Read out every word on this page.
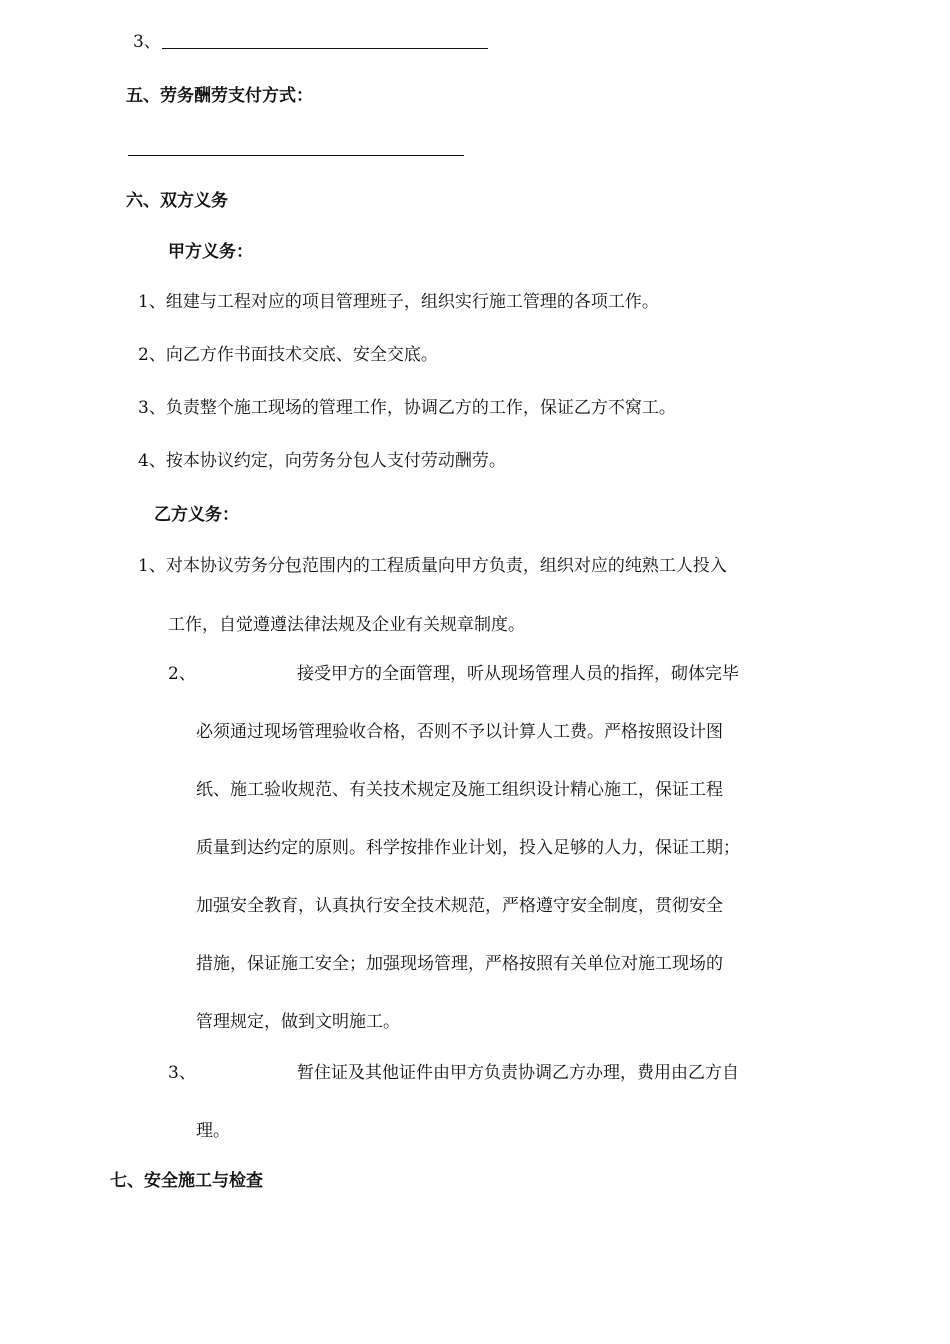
3、
五、劳务酬劳支付方式：
六、双方义务
甲方义务：
1、组建与工程对应的项目管理班子，组织实行施工管理的各项工作。
2、向乙方作书面技术交底、安全交底。
3、负责整个施工现场的管理工作，协调乙方的工作，保证乙方不窝工。
4、按本协议约定，向劳务分包人支付劳动酬劳。
乙方义务：
1、对本协议劳务分包范围内的工程质量向甲方负责，组织对应的纯熟工人投入
工作，自觉遵遵法律法规及企业有关规章制度。
2、	接受甲方的全面管理，听从现场管理人员的指挥，砌体完毕
必须通过现场管理验收合格，否则不予以计算人工费。严格按照设计图
纸、施工验收规范、有关技术规定及施工组织设计精心施工，保证工程
质量到达约定的原则。科学按排作业计划，投入足够的人力，保证工期；
加强安全教育，认真执行安全技术规范，严格遵守安全制度，贯彻安全
措施，保证施工安全；加强现场管理，严格按照有关单位对施工现场的
管理规定，做到文明施工。
3、	暂住证及其他证件由甲方负责协调乙方办理，费用由乙方自
理。
七、安全施工与检查
